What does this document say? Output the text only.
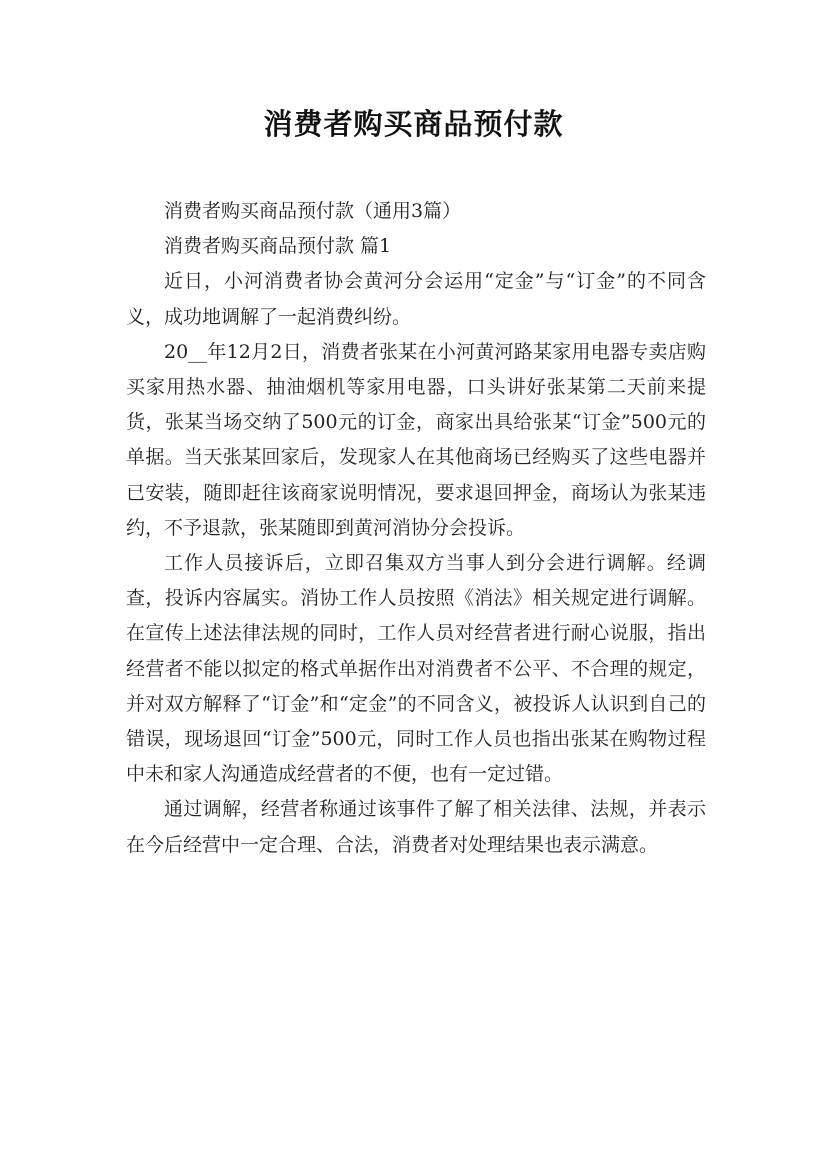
消费者购买商品预付款

消费者购买商品预付款（通用3篇）

消费者购买商品预付款 篇1

近日，小河消费者协会黄河分会运用“定金”与“订金”的不同含义，成功地调解了一起消费纠纷。

20__年12月2日，消费者张某在小河黄河路某家用电器专卖店购买家用热水器、抽油烟机等家用电器，口头讲好张某第二天前来提货，张某当场交纳了500元的订金，商家出具给张某“订金”500元的单据。当天张某回家后，发现家人在其他商场已经购买了这些电器并已安装，随即赶往该商家说明情况，要求退回押金，商场认为张某违约，不予退款，张某随即到黄河消协分会投诉。

工作人员接诉后，立即召集双方当事人到分会进行调解。经调查，投诉内容属实。消协工作人员按照《消法》相关规定进行调解。在宣传上述法律法规的同时，工作人员对经营者进行耐心说服，指出经营者不能以拟定的格式单据作出对消费者不公平、不合理的规定，并对双方解释了“订金”和“定金”的不同含义，被投诉人认识到自己的错误，现场退回“订金”500元，同时工作人员也指出张某在购物过程中未和家人沟通造成经营者的不便，也有一定过错。

通过调解，经营者称通过该事件了解了相关法律、法规，并表示在今后经营中一定合理、合法，消费者对处理结果也表示满意。
